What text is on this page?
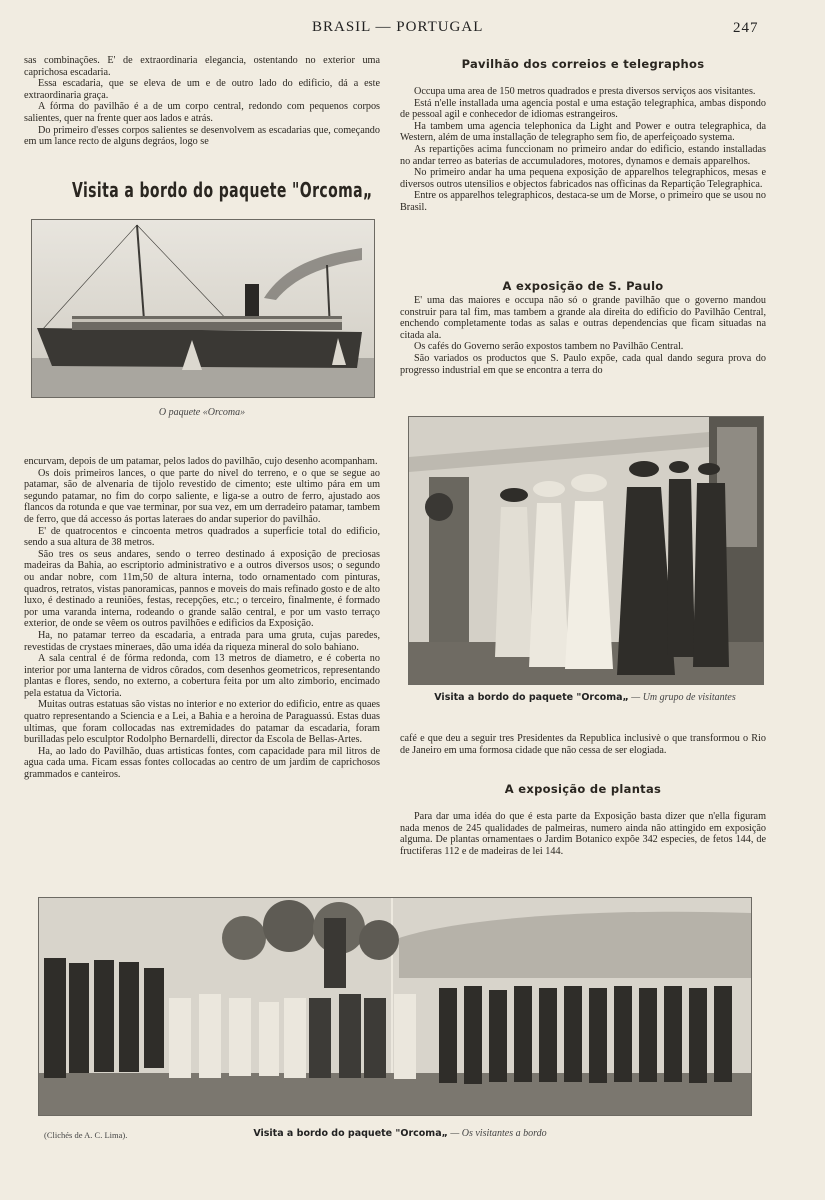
BRASIL — PORTUGAL	247

sas combinações. E' de extraordinaria elegancia, ostentando no exterior uma caprichosa escadaria.

Essa escadaria, que se eleva de um e de outro lado do edificio, dá a este extraordinaria graça.

A fórma do pavilhão é a de um corpo central, redondo com pequenos corpos salientes, quer na frente quer aos lados e atrás.

Do primeiro d'esses corpos salientes se desenvolvem as escadarias que, começando em um lance recto de alguns degráos, logo se

Visita a bordo do paquete "Orcoma„
O paquete «Orcoma»

encurvam, depois de um patamar, pelos lados do pavilhão, cujo desenho acompanham.

Os dois primeiros lances, o que parte do nivel do terreno, e o que se segue ao patamar, são de alvenaria de tijolo revestido de cimento; este ultimo pára em um segundo patamar, no fim do corpo saliente, e liga-se a outro de ferro, ajustado aos flancos da rotunda e que vae terminar, por sua vez, em um derradeiro patamar, tambem de ferro, que dá accesso ás portas lateraes do andar superior do pavilhão.

E' de quatrocentos e cincoenta metros quadrados a superficie total do edificio, sendo a sua altura de 38 metros.

São tres os seus andares, sendo o terreo destinado á exposição de preciosas madeiras da Bahia, ao escriptorio administrativo e a outros diversos usos; o segundo ou andar nobre, com 11m,50 de altura interna, todo ornamentado com pinturas, quadros, retratos, vistas panoramicas, pannos e moveis do mais refinado gosto e de alto luxo, é destinado a reuniões, festas, recepções, etc.; o terceiro, finalmente, é formado por uma varanda interna, rodeando o grande salão central, e por um vasto terraço exterior, de onde se vêem os outros pavilhões e edificios da Exposição.

Ha, no patamar terreo da escadaria, a entrada para uma gruta, cujas paredes, revestidas de crystaes mineraes, dão uma idéa da riqueza mineral do solo bahiano.

A sala central é de fórma redonda, com 13 metros de diametro, e é coberta no interior por uma lanterna de vidros côrados, com desenhos geometricos, representando plantas e flores, sendo, no externo, a cobertura feita por um alto zimborio, encimado pela estatua da Victoria.

Muitas outras estatuas são vistas no interior e no exterior do edificio, entre as quaes quatro representando a Sciencia e a Lei, a Bahia e a heroina de Paraguassú. Estas duas ultimas, que foram collocadas nas extremidades do patamar da escadaria, foram burilladas pelo esculptor Rodolpho Bernardelli, director da Escola de Bellas-Artes.

Ha, ao lado do Pavilhão, duas artisticas fontes, com capacidade para mil litros de agua cada uma. Ficam essas fontes collocadas ao centro de um jardim de caprichosos grammados e canteiros.

Pavilhão dos correios e telegraphos

Occupa uma area de 150 metros quadrados e presta diversos serviços aos visitantes.

Está n'elle installada uma agencia postal e uma estação telegraphica, ambas dispondo de pessoal agil e conhecedor de idiomas estrangeiros.

Ha tambem uma agencia telephonica da Light and Power e outra telegraphica, da Western, além de uma installação de telegrapho sem fio, de aperfeiçoado systema.

As repartições acima funccionam no primeiro andar do edificio, estando installadas no andar terreo as baterias de accumuladores, motores, dynamos e demais apparelhos.

No primeiro andar ha uma pequena exposição de apparelhos telegraphicos, mesas e diversos outros utensilios e objectos fabricados nas officinas da Repartição Telegraphica.

Entre os apparelhos telegraphicos, destaca-se um de Morse, o primeiro que se usou no Brasil.

A exposição de S. Paulo

E' uma das maiores e occupa não só o grande pavilhão que o governo mandou construir para tal fim, mas tambem a grande ala direita do edificio do Pavilhão Central, enchendo completamente todas as salas e outras dependencias que ficam situadas na citada ala.

Os cafés do Governo serão expostos tambem no Pavilhão Central.

São variados os productos que S. Paulo expõe, cada qual dando segura prova do progresso industrial em que se encontra a terra do

Visita a bordo do paquete "Orcoma„ — Um grupo de visitantes

café e que deu a seguir tres Presidentes da Republica inclusivè o que transformou o Rio de Janeiro em uma formosa cidade que não cessa de ser elogiada.

A exposição de plantas

Para dar uma idéa do que é esta parte da Exposição basta dizer que n'ella figuram nada menos de 245 qualidades de palmeiras, numero ainda não attingido em exposição alguma. De plantas ornamentaes o Jardim Botanico expõe 342 especies, de fetos 144, de fructiferas 112 e de madeiras de lei 144.

(Clichés de A. C. Lima).	Visita a bordo do paquete "Orcoma„ — Os visitantes a bordo
